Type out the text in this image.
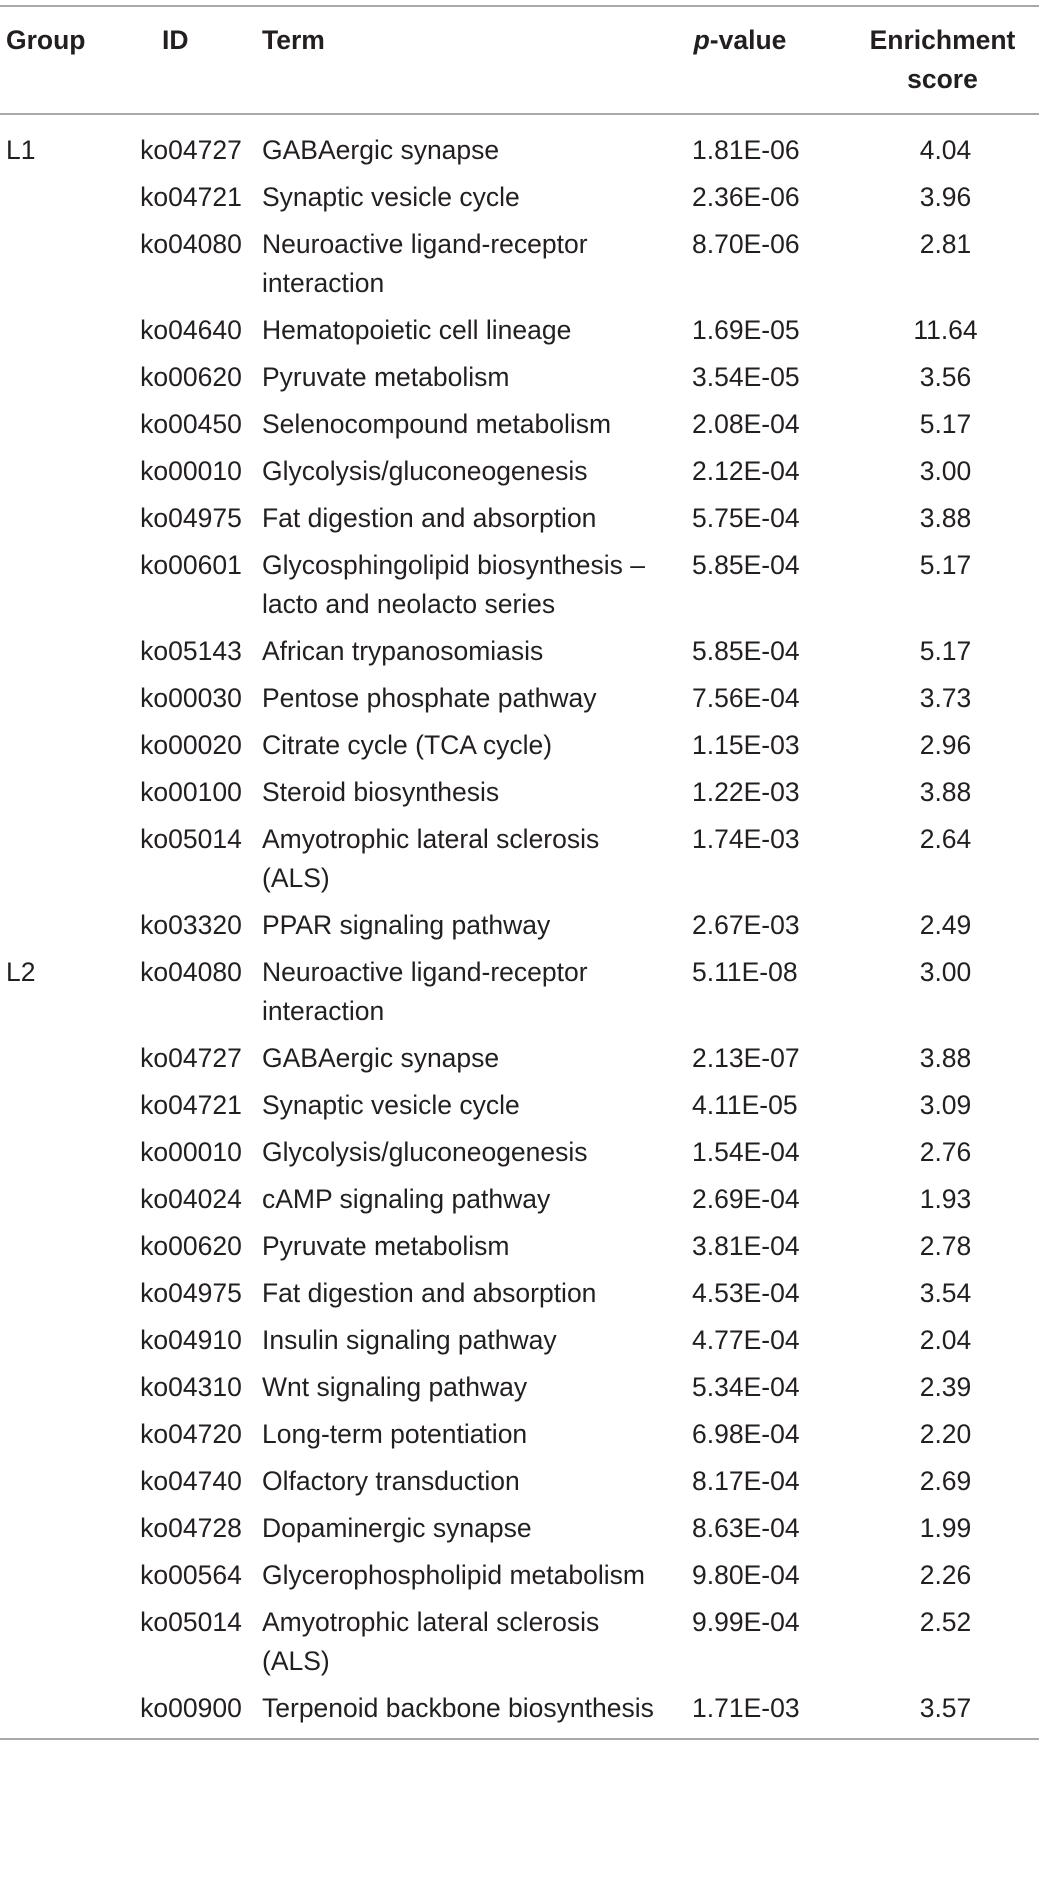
Group	ID	Term	p-value	Enrichment
score
L1	ko04727	GABAergic synapse	1.81E-06	4.04
	ko04721	Synaptic vesicle cycle	2.36E-06	3.96
	ko04080	Neuroactive ligand-receptor interaction	8.70E-06	2.81
	ko04640	Hematopoietic cell lineage	1.69E-05	11.64
	ko00620	Pyruvate metabolism	3.54E-05	3.56
	ko00450	Selenocompound metabolism	2.08E-04	5.17
	ko00010	Glycolysis/gluconeogenesis	2.12E-04	3.00
	ko04975	Fat digestion and absorption	5.75E-04	3.88
	ko00601	Glycosphingolipid biosynthesis – lacto and neolacto series	5.85E-04	5.17
	ko05143	African trypanosomiasis	5.85E-04	5.17
	ko00030	Pentose phosphate pathway	7.56E-04	3.73
	ko00020	Citrate cycle (TCA cycle)	1.15E-03	2.96
	ko00100	Steroid biosynthesis	1.22E-03	3.88
	ko05014	Amyotrophic lateral sclerosis (ALS)	1.74E-03	2.64
	ko03320	PPAR signaling pathway	2.67E-03	2.49
L2	ko04080	Neuroactive ligand-receptor interaction	5.11E-08	3.00
	ko04727	GABAergic synapse	2.13E-07	3.88
	ko04721	Synaptic vesicle cycle	4.11E-05	3.09
	ko00010	Glycolysis/gluconeogenesis	1.54E-04	2.76
	ko04024	cAMP signaling pathway	2.69E-04	1.93
	ko00620	Pyruvate metabolism	3.81E-04	2.78
	ko04975	Fat digestion and absorption	4.53E-04	3.54
	ko04910	Insulin signaling pathway	4.77E-04	2.04
	ko04310	Wnt signaling pathway	5.34E-04	2.39
	ko04720	Long-term potentiation	6.98E-04	2.20
	ko04740	Olfactory transduction	8.17E-04	2.69
	ko04728	Dopaminergic synapse	8.63E-04	1.99
	ko00564	Glycerophospholipid metabolism	9.80E-04	2.26
	ko05014	Amyotrophic lateral sclerosis (ALS)	9.99E-04	2.52
	ko00900	Terpenoid backbone biosynthesis	1.71E-03	3.57
